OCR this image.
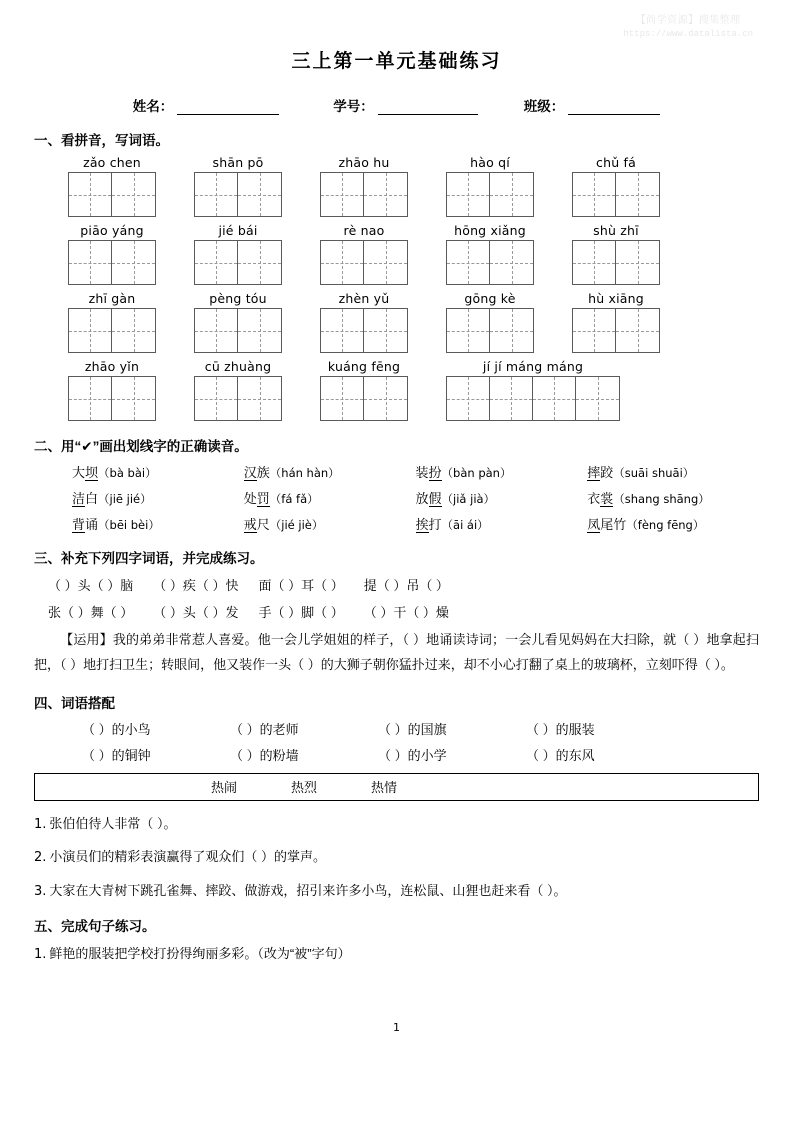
【尚学资源】搜集整理
https://www.datalista.cn
三上第一单元基础练习
姓名：	学号：	班级：
一、看拼音，写词语。
zǎo chen	shān pō	zhāo hu	hào qí	chǔ fá
piāo yáng	jié bái	rè nao	hōng xiǎng	shù zhī
zhī gàn	pèng tóu	zhèn yǔ	gōng kè	hù xiāng
zhāo yǐn	cū zhuàng	kuáng fēng	jí jí máng máng
二、用“✔”画出划线字的正确读音。
大坝（bà bài）	汉族（hán hàn）	装扮（bàn pàn）	摔跤（suāi shuāi）
洁白（jiē jié）	处罚（fá fǎ）	放假（jiǎ jià）	衣裳（shang shāng）
背诵（bēi bèi）	戒尺（jié jiè）	挨打（āi ái）	凤尾竹（fèng fēng）
三、补充下列四字词语，并完成练习。
（ ）头（ ）脑 （ ）疾（ ）快 面（ ）耳（ ） 提（ ）吊（ ）
张（ ）舞（ ） （ ）头（ ）发 手（ ）脚（ ） （ ）干（ ）燥
【运用】我的弟弟非常惹人喜爱。他一会儿学姐姐的样子，（ ）地诵读诗词；一会儿看见妈妈在大扫除，就（ ）地拿起扫把，（ ）地打扫卫生；转眼间，他又装作一头（ ）的大狮子朝你猛扑过来，却不小心打翻了桌上的玻璃杯，立刻吓得（ ）。
四、词语搭配
（ ）的小鸟	（ ）的老师	（ ）的国旗	（ ）的服装
（ ）的铜钟	（ ）的粉墙	（ ）的小学	（ ）的东风
热闹	热烈	热情
1. 张伯伯待人非常（ ）。
2. 小演员们的精彩表演赢得了观众们（ ）的掌声。
3. 大家在大青树下跳孔雀舞、摔跤、做游戏，招引来许多小鸟，连松鼠、山狸也赶来看（ ）。
五、完成句子练习。
1. 鲜艳的服装把学校打扮得绚丽多彩。（改为“被”字句）
1
